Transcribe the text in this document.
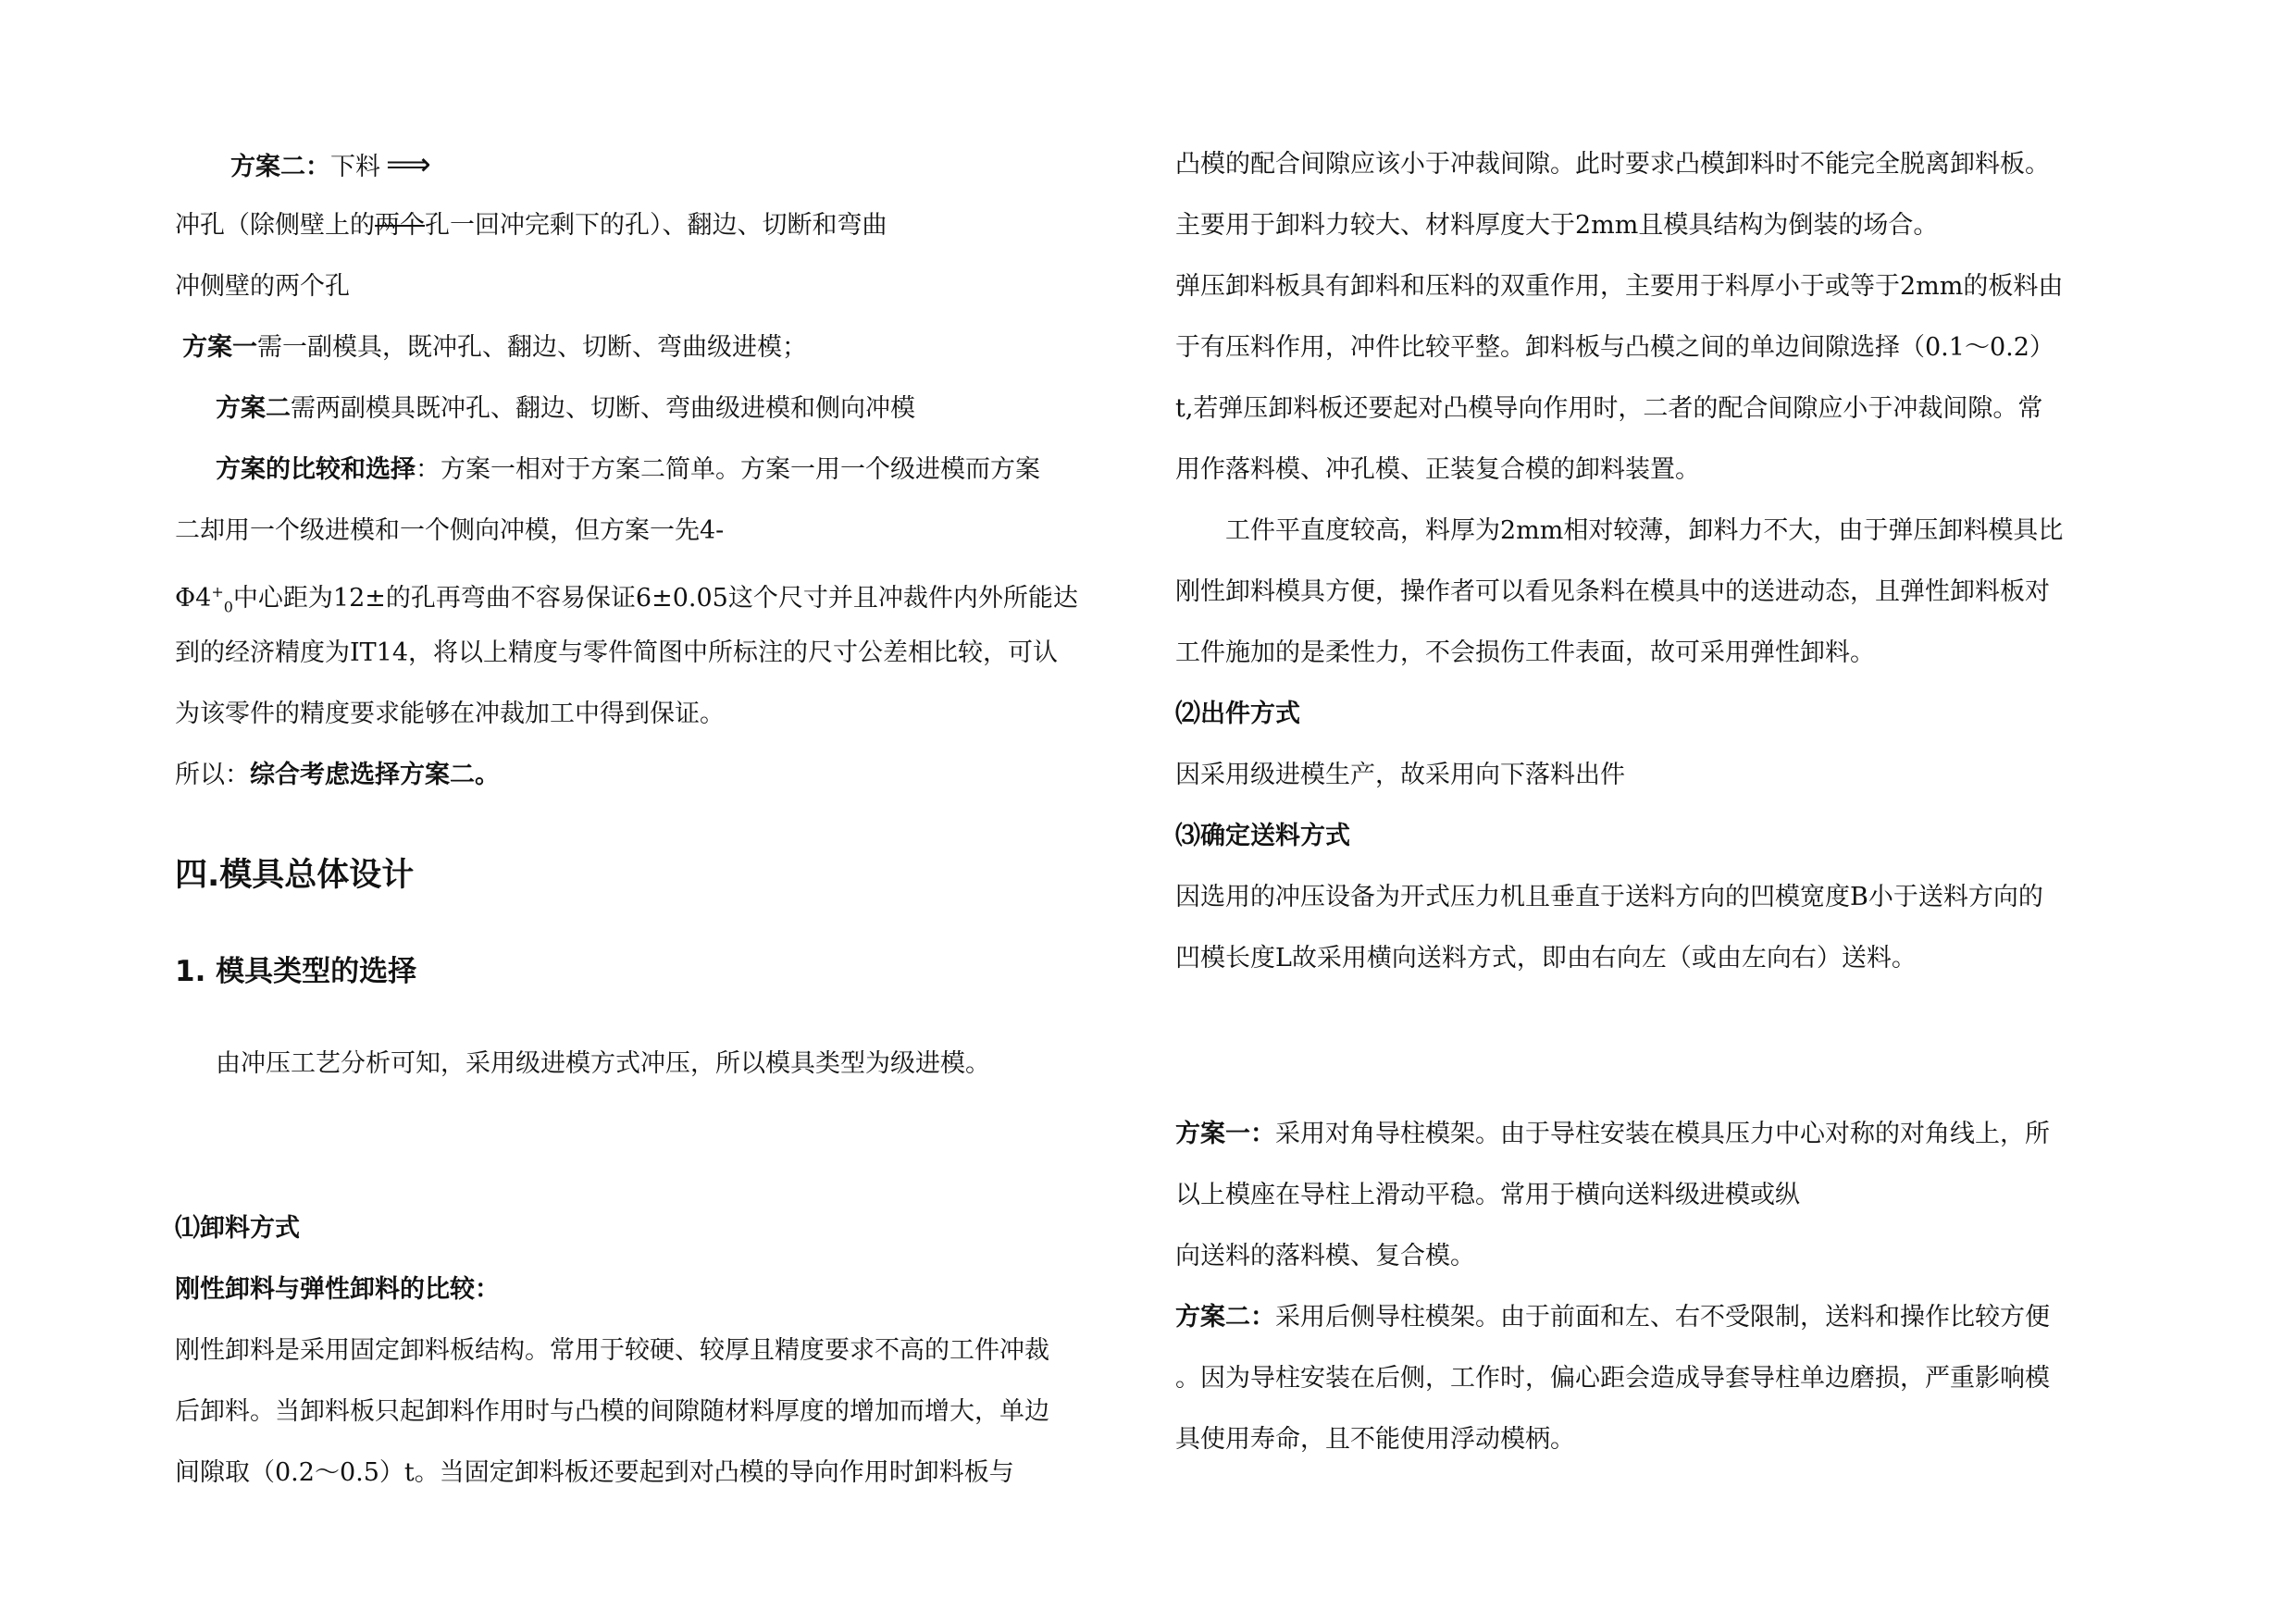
方案二：下料 ⟹
冲孔（除侧壁上的两个孔一回冲完剩下的孔）、翻边、切断和弯曲
冲侧壁的两个孔
方案一需一副模具，既冲孔、翻边、切断、弯曲级进模；
方案二需两副模具既冲孔、翻边、切断、弯曲级进模和侧向冲模
方案的比较和选择：方案一相对于方案二简单。方案一用一个级进模而方案
二却用一个级进模和一个侧向冲模，但方案一先4-
$\Phi 4^+_0$中心距为12±的孔再弯曲不容易保证6±0.05这个尺寸并且冲裁件内外所能达
到的经济精度为IT14，将以上精度与零件简图中所标注的尺寸公差相比较，可认
为该零件的精度要求能够在冲裁加工中得到保证。
所以：综合考虑选择方案二。
四.模具总体设计
1. 模具类型的选择
由冲压工艺分析可知，采用级进模方式冲压，所以模具类型为级进模。
⑴卸料方式
刚性卸料与弹性卸料的比较：
刚性卸料是采用固定卸料板结构。常用于较硬、较厚且精度要求不高的工件冲裁
后卸料。当卸料板只起卸料作用时与凸模的间隙随材料厚度的增加而增大，单边
间隙取（0.2～0.5）t。当固定卸料板还要起到对凸模的导向作用时卸料板与
凸模的配合间隙应该小于冲裁间隙。此时要求凸模卸料时不能完全脱离卸料板。
主要用于卸料力较大、材料厚度大于2mm且模具结构为倒装的场合。
弹压卸料板具有卸料和压料的双重作用，主要用于料厚小于或等于2mm的板料由
于有压料作用，冲件比较平整。卸料板与凸模之间的单边间隙选择（0.1～0.2）
t,若弹压卸料板还要起对凸模导向作用时，二者的配合间隙应小于冲裁间隙。常
用作落料模、冲孔模、正装复合模的卸料装置。
工件平直度较高，料厚为2mm相对较薄，卸料力不大，由于弹压卸料模具比
刚性卸料模具方便，操作者可以看见条料在模具中的送进动态，且弹性卸料板对
工件施加的是柔性力，不会损伤工件表面，故可采用弹性卸料。
⑵出件方式
因采用级进模生产，故采用向下落料出件
⑶确定送料方式
因选用的冲压设备为开式压力机且垂直于送料方向的凹模宽度B小于送料方向的
凹模长度L故采用横向送料方式，即由右向左（或由左向右）送料。
方案一：采用对角导柱模架。由于导柱安装在模具压力中心对称的对角线上，所
以上模座在导柱上滑动平稳。常用于横向送料级进模或纵
向送料的落料模、复合模。
方案二：采用后侧导柱模架。由于前面和左、右不受限制，送料和操作比较方便
。因为导柱安装在后侧，工作时，偏心距会造成导套导柱单边磨损，严重影响模
具使用寿命，且不能使用浮动模柄。
